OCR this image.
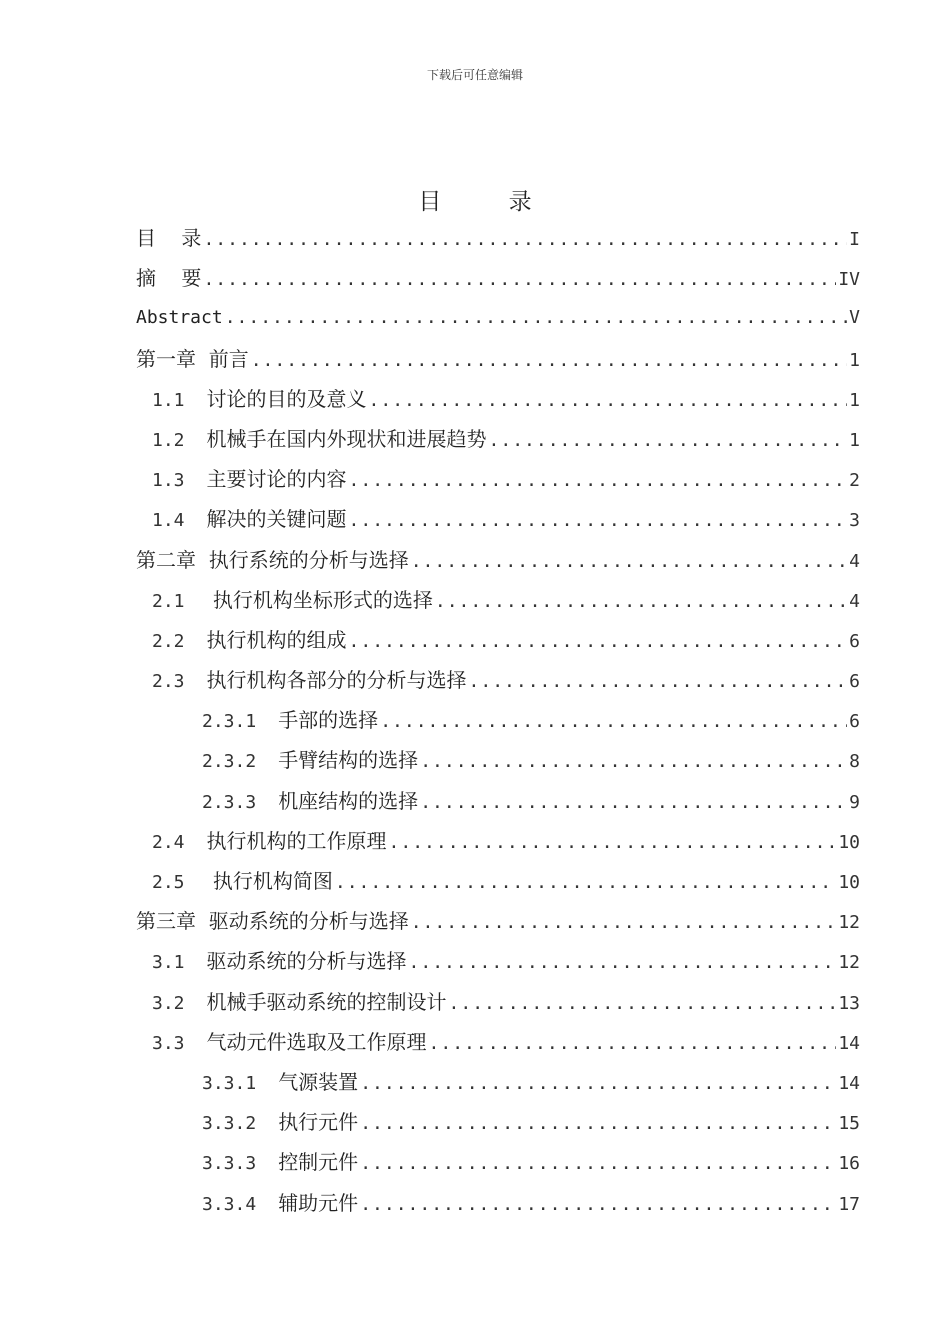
下载后可任意编辑
目 录
目    录 .....	I
摘    要 .....	IV
Abstract .....	V
第一章  前言 .....	1
1.1 讨论的目的及意义 .....	1
1.2 机械手在国内外现状和进展趋势 .....	1
1.3 主要讨论的内容 .....	2
1.4 解决的关键问题 .....	3
第二章  执行系统的分析与选择 .....	4
2.1 执行机构坐标形式的选择 .....	4
2.2 执行机构的组成 .....	6
2.3 执行机构各部分的分析与选择 .....	6
2.3.1 手部的选择 .....	6
2.3.2 手臂结构的选择 .....	8
2.3.3 机座结构的选择 .....	9
2.4 执行机构的工作原理 .....	10
2.5 执行机构简图 .....	10
第三章  驱动系统的分析与选择 .....	12
3.1 驱动系统的分析与选择 .....	12
3.2 机械手驱动系统的控制设计 .....	13
3.3 气动元件选取及工作原理 .....	14
3.3.1 气源装置 .....	14
3.3.2 执行元件 .....	15
3.3.3 控制元件 .....	16
3.3.4 辅助元件 .....	17
